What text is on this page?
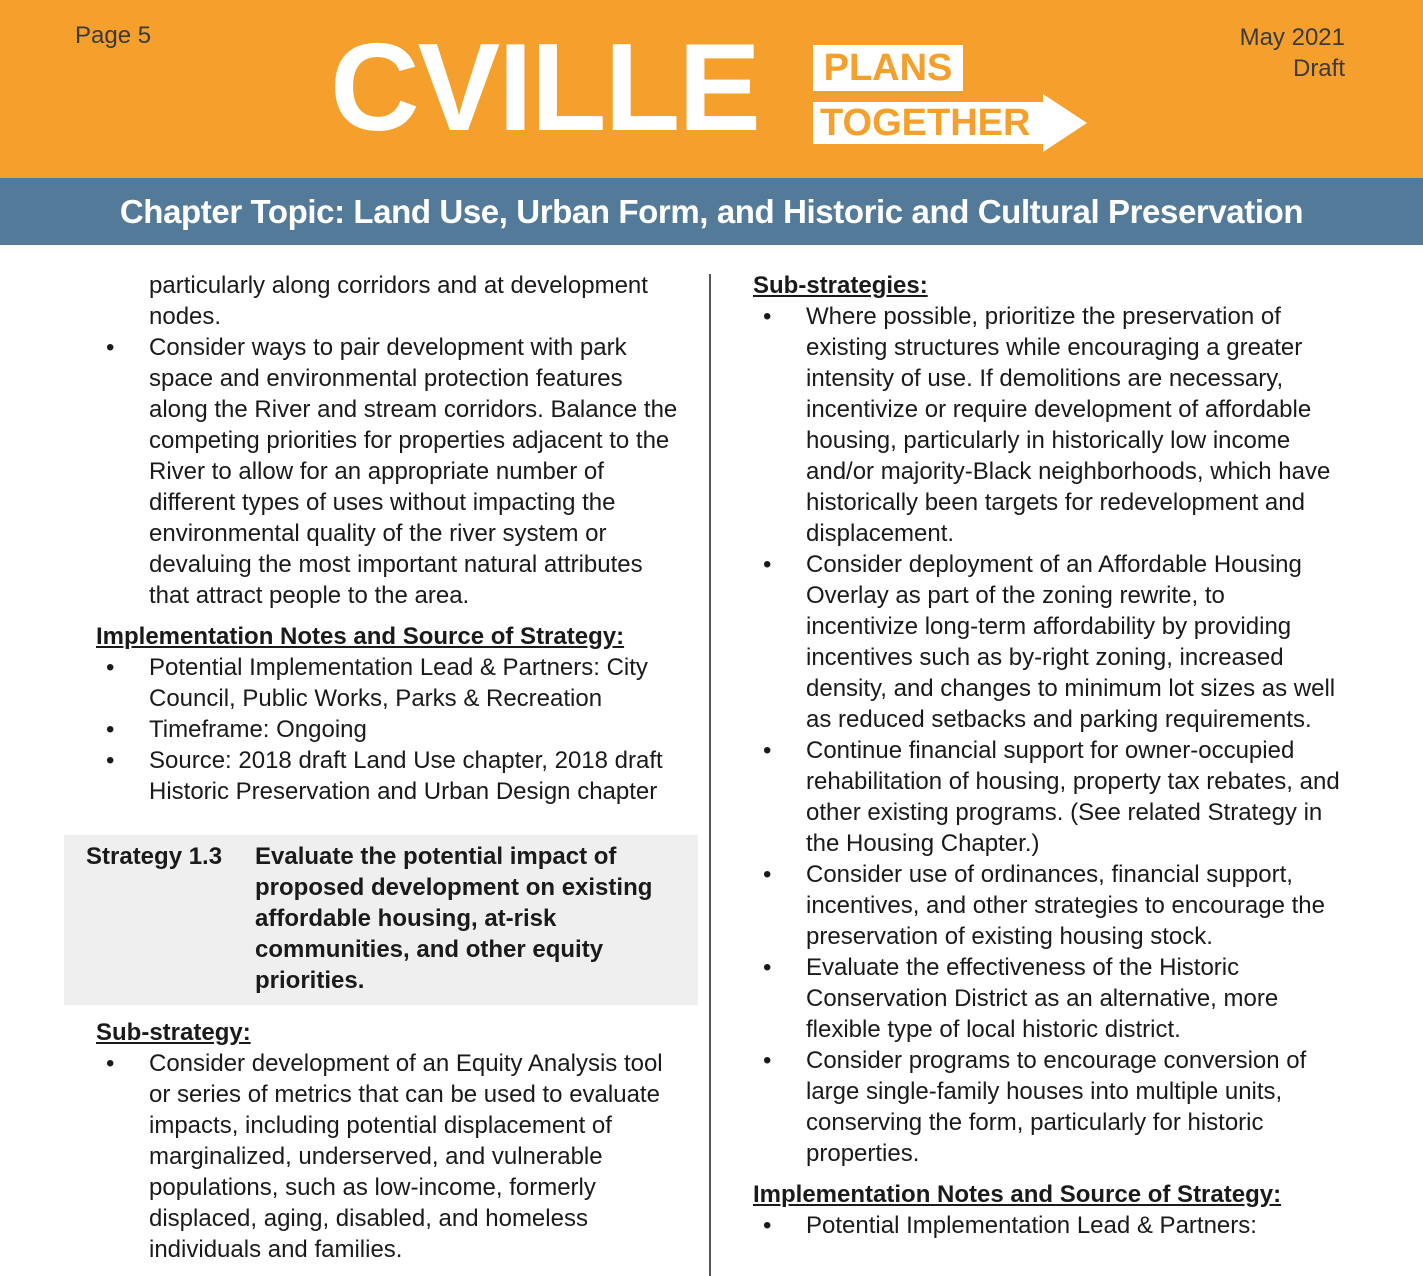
Page 5	May 2021
Draft
CVILLE PLANS
TOGETHER
Chapter Topic: Land Use, Urban Form, and Historic and Cultural Preservation

particularly along corridors and at development nodes.

• Consider ways to pair development with park space and environmental protection features along the River and stream corridors. Balance the competing priorities for properties adjacent to the River to allow for an appropriate number of different types of uses without impacting the environmental quality of the river system or devaluing the most important natural attributes that attract people to the area.

Implementation Notes and Source of Strategy:

• Potential Implementation Lead & Partners: City Council, Public Works, Parks & Recreation
• Timeframe: Ongoing
• Source: 2018 draft Land Use chapter, 2018 draft Historic Preservation and Urban Design chapter
Strategy 1.3 Evaluate the potential impact of proposed development on existing affordable housing, at-risk communities, and other equity priorities.

Sub-strategy:

• Consider development of an Equity Analysis tool or series of metrics that can be used to evaluate impacts, including potential displacement of marginalized, underserved, and vulnerable populations, such as low-income, formerly displaced, aging, disabled, and homeless individuals and families.

Sub-strategies:

• Where possible, prioritize the preservation of existing structures while encouraging a greater intensity of use. If demolitions are necessary, incentivize or require development of affordable housing, particularly in historically low income and/or majority-Black neighborhoods, which have historically been targets for redevelopment and displacement.
• Consider deployment of an Affordable Housing Overlay as part of the zoning rewrite, to incentivize long-term affordability by providing incentives such as by-right zoning, increased density, and changes to minimum lot sizes as well as reduced setbacks and parking requirements.
• Continue financial support for owner-occupied rehabilitation of housing, property tax rebates, and other existing programs. (See related Strategy in the Housing Chapter.)
• Consider use of ordinances, financial support, incentives, and other strategies to encourage the preservation of existing housing stock.
• Evaluate the effectiveness of the Historic Conservation District as an alternative, more flexible type of local historic district.
• Consider programs to encourage conversion of large single-family houses into multiple units, conserving the form, particularly for historic properties.

Implementation Notes and Source of Strategy:

• Potential Implementation Lead & Partners:
